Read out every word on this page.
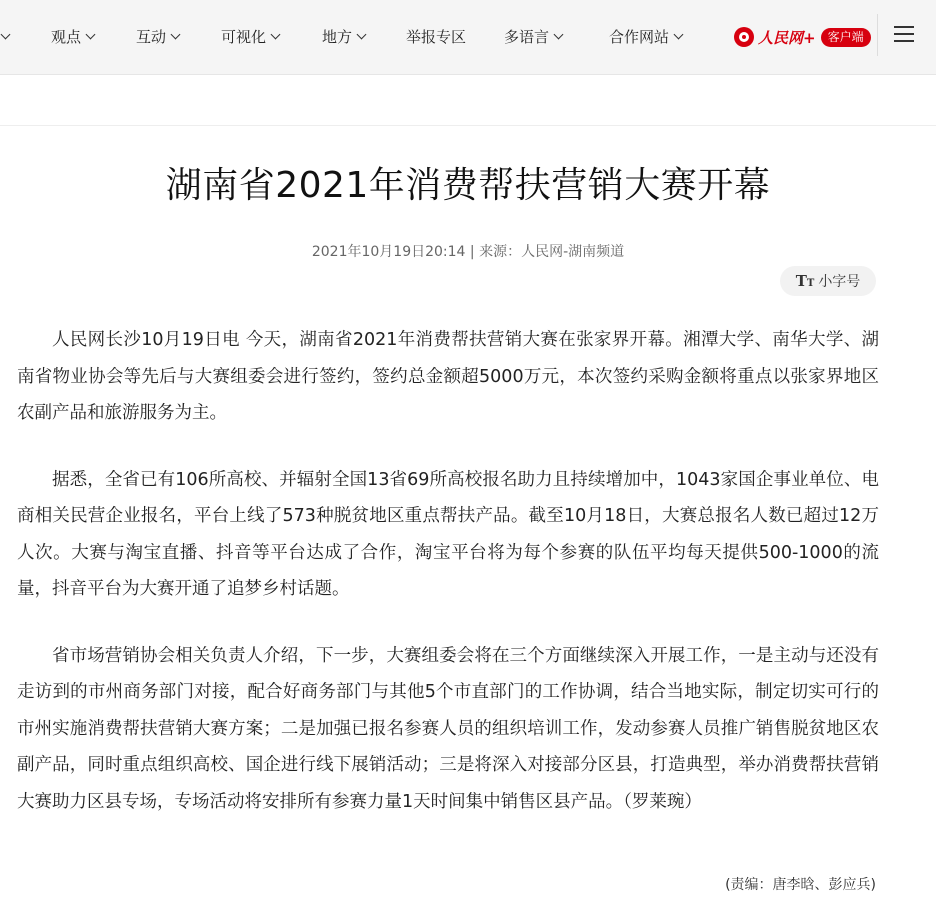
观点	互动	可视化	地方	举报专区	多语言	合作网站	人民网+	客户端
湖南省2021年消费帮扶营销大赛开幕
2021年10月19日20:14 | 来源：人民网-湖南频道
TT 小字号

人民网长沙10月19日电 今天，湖南省2021年消费帮扶营销大赛在张家界开幕。湘潭大学、南华大学、湖南省物业协会等先后与大赛组委会进行签约，签约总金额超5000万元，本次签约采购金额将重点以张家界地区农副产品和旅游服务为主。

据悉，全省已有106所高校、并辐射全国13省69所高校报名助力且持续增加中，1043家国企事业单位、电商相关民营企业报名，平台上线了573种脱贫地区重点帮扶产品。截至10月18日，大赛总报名人数已超过12万人次。大赛与淘宝直播、抖音等平台达成了合作，淘宝平台将为每个参赛的队伍平均每天提供500-1000的流量，抖音平台为大赛开通了追梦乡村话题。

省市场营销协会相关负责人介绍，下一步，大赛组委会将在三个方面继续深入开展工作，一是主动与还没有走访到的市州商务部门对接，配合好商务部门与其他5个市直部门的工作协调，结合当地实际，制定切实可行的市州实施消费帮扶营销大赛方案；二是加强已报名参赛人员的组织培训工作，发动参赛人员推广销售脱贫地区农副产品，同时重点组织高校、国企进行线下展销活动；三是将深入对接部分区县，打造典型，举办消费帮扶营销大赛助力区县专场，专场活动将安排所有参赛力量1天时间集中销售区县产品。（罗莱琬）

(责编：唐李晗、彭应兵)
